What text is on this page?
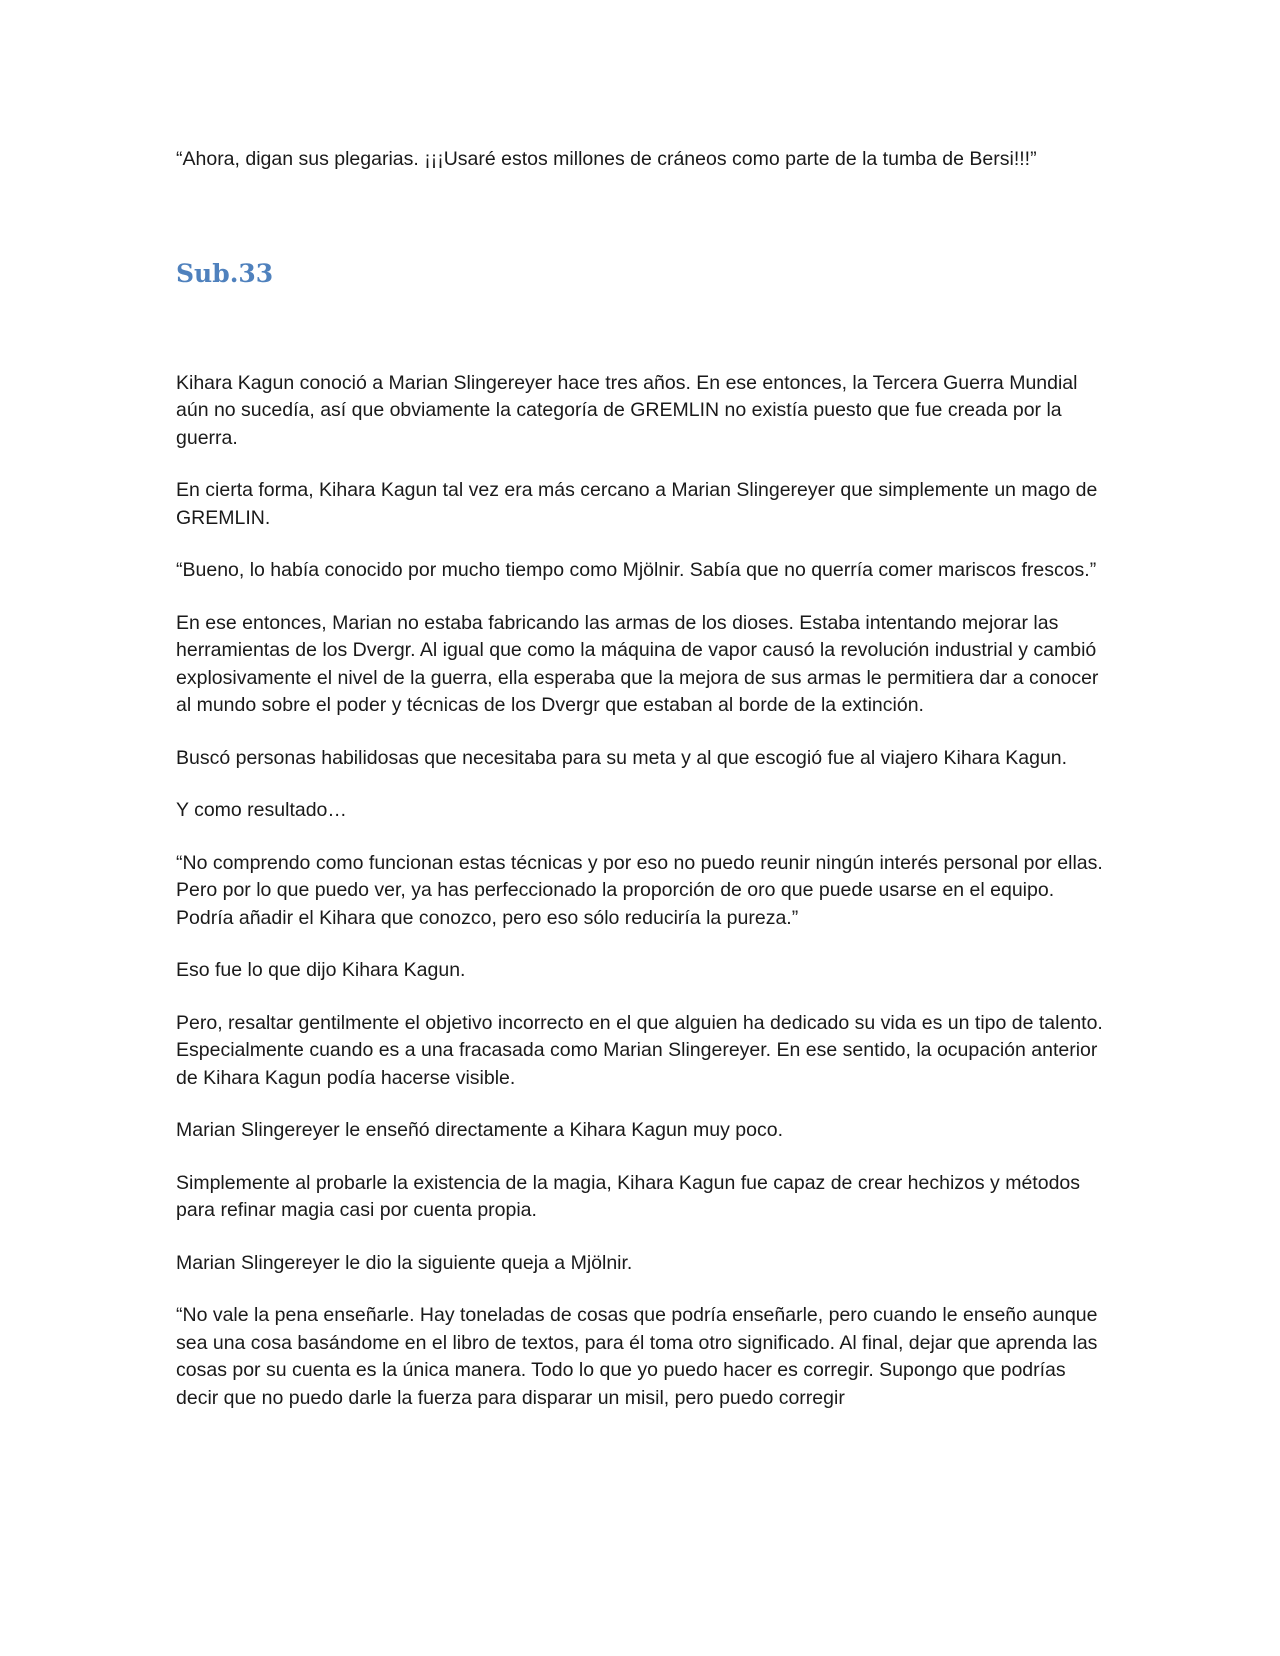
“Ahora, digan sus plegarias. ¡¡¡Usaré estos millones de cráneos como parte de la tumba de Bersi!!!”

Sub.33

Kihara Kagun conoció a Marian Slingereyer hace tres años. En ese entonces, la Tercera Guerra Mundial aún no sucedía, así que obviamente la categoría de GREMLIN no existía puesto que fue creada por la guerra.

En cierta forma, Kihara Kagun tal vez era más cercano a Marian Slingereyer que simplemente un mago de GREMLIN.

“Bueno, lo había conocido por mucho tiempo como Mjölnir. Sabía que no querría comer mariscos frescos.”

En ese entonces, Marian no estaba fabricando las armas de los dioses. Estaba intentando mejorar las herramientas de los Dvergr. Al igual que como la máquina de vapor causó la revolución industrial y cambió explosivamente el nivel de la guerra, ella esperaba que la mejora de sus armas le permitiera dar a conocer al mundo sobre el poder y técnicas de los Dvergr que estaban al borde de la extinción.

Buscó personas habilidosas que necesitaba para su meta y al que escogió fue al viajero Kihara Kagun.

Y como resultado…

“No comprendo como funcionan estas técnicas y por eso no puedo reunir ningún interés personal por ellas. Pero por lo que puedo ver, ya has perfeccionado la proporción de oro que puede usarse en el equipo. Podría añadir el Kihara que conozco, pero eso sólo reduciría la pureza.”

Eso fue lo que dijo Kihara Kagun.

Pero, resaltar gentilmente el objetivo incorrecto en el que alguien ha dedicado su vida es un tipo de talento. Especialmente cuando es a una fracasada como Marian Slingereyer. En ese sentido, la ocupación anterior de Kihara Kagun podía hacerse visible.

Marian Slingereyer le enseñó directamente a Kihara Kagun muy poco.

Simplemente al probarle la existencia de la magia, Kihara Kagun fue capaz de crear hechizos y métodos para refinar magia casi por cuenta propia.

Marian Slingereyer le dio la siguiente queja a Mjölnir.

“No vale la pena enseñarle. Hay toneladas de cosas que podría enseñarle, pero cuando le enseño aunque sea una cosa basándome en el libro de textos, para él toma otro significado. Al final, dejar que aprenda las cosas por su cuenta es la única manera. Todo lo que yo puedo hacer es corregir. Supongo que podrías decir que no puedo darle la fuerza para disparar un misil, pero puedo corregir
